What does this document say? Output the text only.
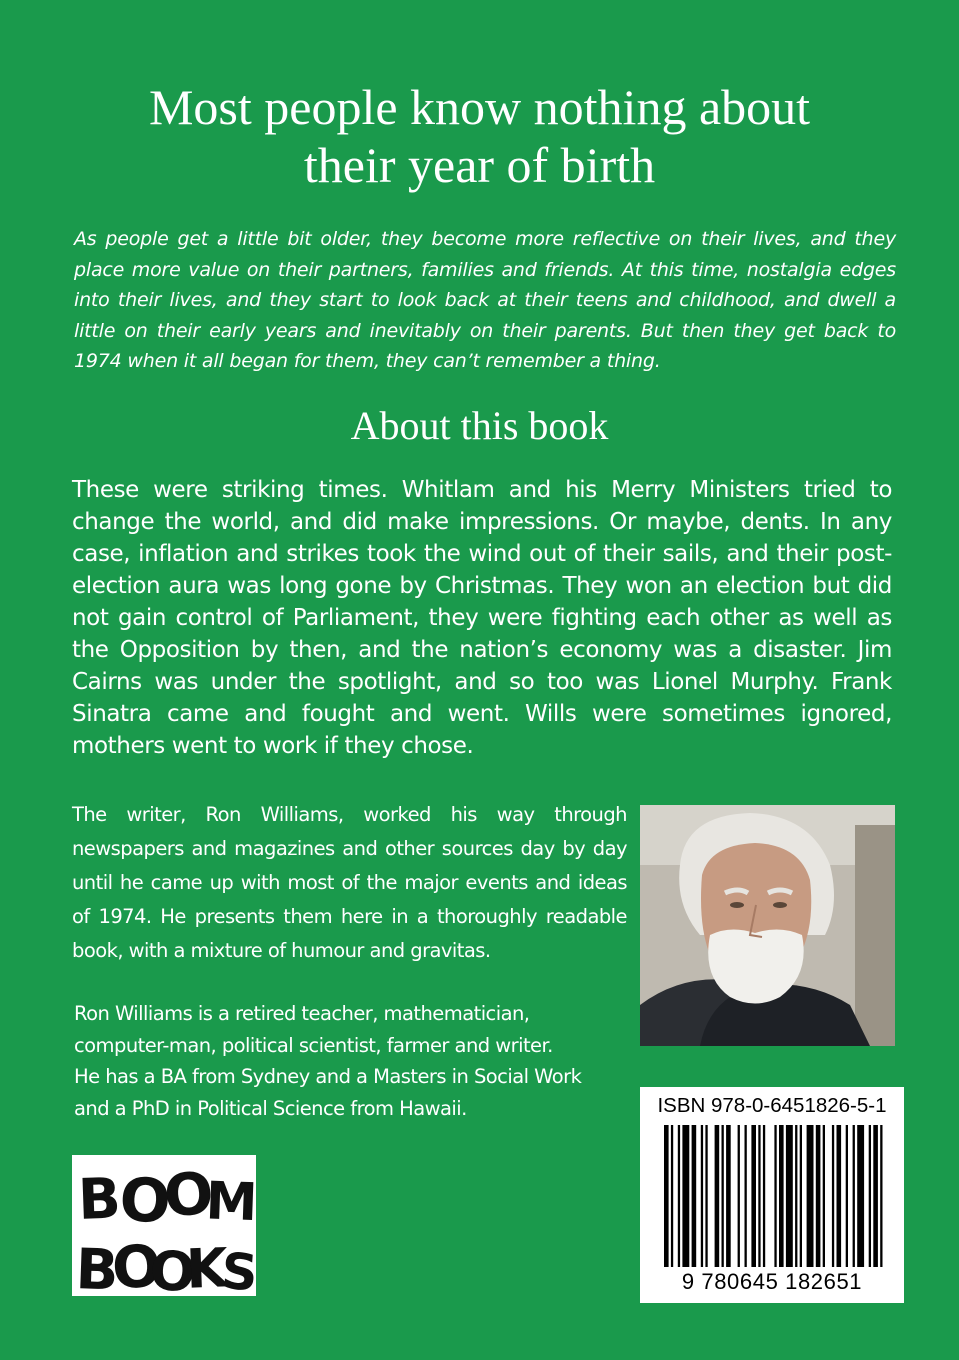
Most people know nothing about
their year of birth

As people get a little bit older, they become more reflective on their lives, and they place more value on their partners, families and friends. At this time, nostalgia edges into their lives, and they start to look back at their teens and childhood, and dwell a little on their early years and inevitably on their parents. But then they get back to 1974 when it all began for them, they can’t remember a thing.

About this book

These were striking times. Whitlam and his Merry Ministers tried to change the world, and did make impressions. Or maybe, dents. In any case, inflation and strikes took the wind out of their sails, and their post-election aura was long gone by Christmas. They won an election but did not gain control of Parliament, they were fighting each other as well as the Opposition by then, and the nation’s economy was a disaster. Jim Cairns was under the spotlight, and so too was Lionel Murphy. Frank Sinatra came and fought and went. Wills were sometimes ignored, mothers went to work if they chose.

The writer, Ron Williams, worked his way through newspapers and magazines and other sources day by day until he came up with most of the major events and ideas of 1974. He presents them here in a thoroughly readable book, with a mixture of humour and gravitas.

Ron Williams is a retired teacher, mathematician,
computer-man, political scientist, farmer and writer.
He has a BA from Sydney and a Masters in Social Work
and a PhD in Political Science from Hawaii.	ISBN 978-0-6451826-5-1
9 780645 182651
B
O
O
M
B
O
O
K
S
